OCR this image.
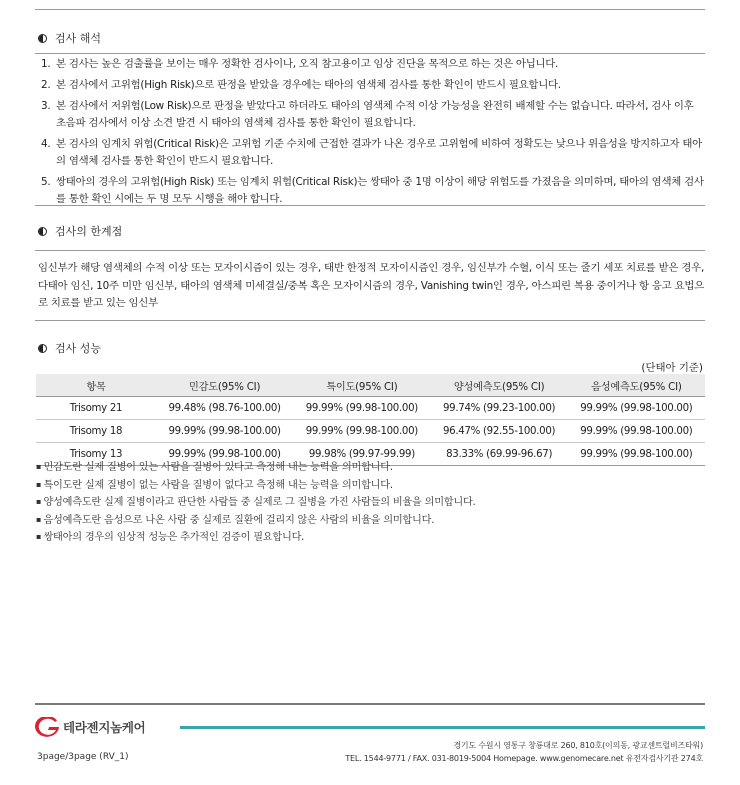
검사 해석
1. 본 검사는 높은 검출률을 보이는 매우 정확한 검사이나, 오직 참고용이고 임상 진단을 목적으로 하는 것은 아닙니다.
2. 본 검사에서 고위험(High Risk)으로 판정을 받았을 경우에는 태아의 염색체 검사를 통한 확인이 반드시 필요합니다.
3. 본 검사에서 저위험(Low Risk)으로 판정을 받았다고 하더라도 태아의 염색체 수적 이상 가능성을 완전히 배제할 수는 없습니다. 따라서, 검사 이후 초음파 검사에서 이상 소견 발견 시 태아의 염색체 검사를 통한 확인이 필요합니다.
4. 본 검사의 임계치 위험(Critical Risk)은 고위험 기준 수치에 근접한 결과가 나온 경우로 고위험에 비하여 정확도는 낮으나 위음성을 방지하고자 태아의 염색체 검사를 통한 확인이 반드시 필요합니다.
5. 쌍태아의 경우의 고위험(High Risk) 또는 임계치 위험(Critical Risk)는 쌍태아 중 1명 이상이 해당 위험도를 가졌음을 의미하며, 태아의 염색체 검사를 통한 확인 시에는 두 명 모두 시행을 해야 합니다.
검사의 한계점
임신부가 해당 염색체의 수적 이상 또는 모자이시즘이 있는 경우, 태반 한정적 모자이시즘인 경우, 임신부가 수혈, 이식 또는 줄기 세포 치료를 받은 경우, 다태아 임신, 10주 미만 임신부, 태아의 염색체 미세결실/중복 혹은 모자이시즘의 경우, Vanishing twin인 경우, 아스피린 복용 중이거나 항 응고 요법으로 치료를 받고 있는 임신부
검사 성능
(단태아 기준)
항목	민감도(95% CI)	특이도(95% CI)	양성예측도(95% CI)	음성예측도(95% CI)
Trisomy 21	99.48% (98.76-100.00)	99.99% (99.98-100.00)	99.74% (99.23-100.00)	99.99% (99.98-100.00)
Trisomy 18	99.99% (99.98-100.00)	99.99% (99.98-100.00)	96.47% (92.55-100.00)	99.99% (99.98-100.00)
Trisomy 13	99.99% (99.98-100.00)	99.98% (99.97-99.99)	83.33% (69.99-96.67)	99.99% (99.98-100.00)
▪ 민감도란 실제 질병이 있는 사람을 질병이 있다고 측정해 내는 능력을 의미합니다.
▪ 특이도란 실제 질병이 없는 사람을 질병이 없다고 측정해 내는 능력을 의미합니다.
▪ 양성예측도란 실제 질병이라고 판단한 사람들 중 실제로 그 질병을 가진 사람들의 비율을 의미합니다.
▪ 음성예측도란 음성으로 나온 사람 중 실제로 질환에 걸리지 않은 사람의 비율을 의미합니다.
▪ 쌍태아의 경우의 임상적 성능은 추가적인 검증이 필요합니다.
테라젠지놈케어
경기도 수원시 영통구 창룡대로 260, 810호(이의동, 광교센트럴비즈타워)
TEL. 1544-9771 / FAX. 031-8019-5004 Homepage. www.genomecare.net 유전자검사기관 274호
3page/3page (RV_1)
